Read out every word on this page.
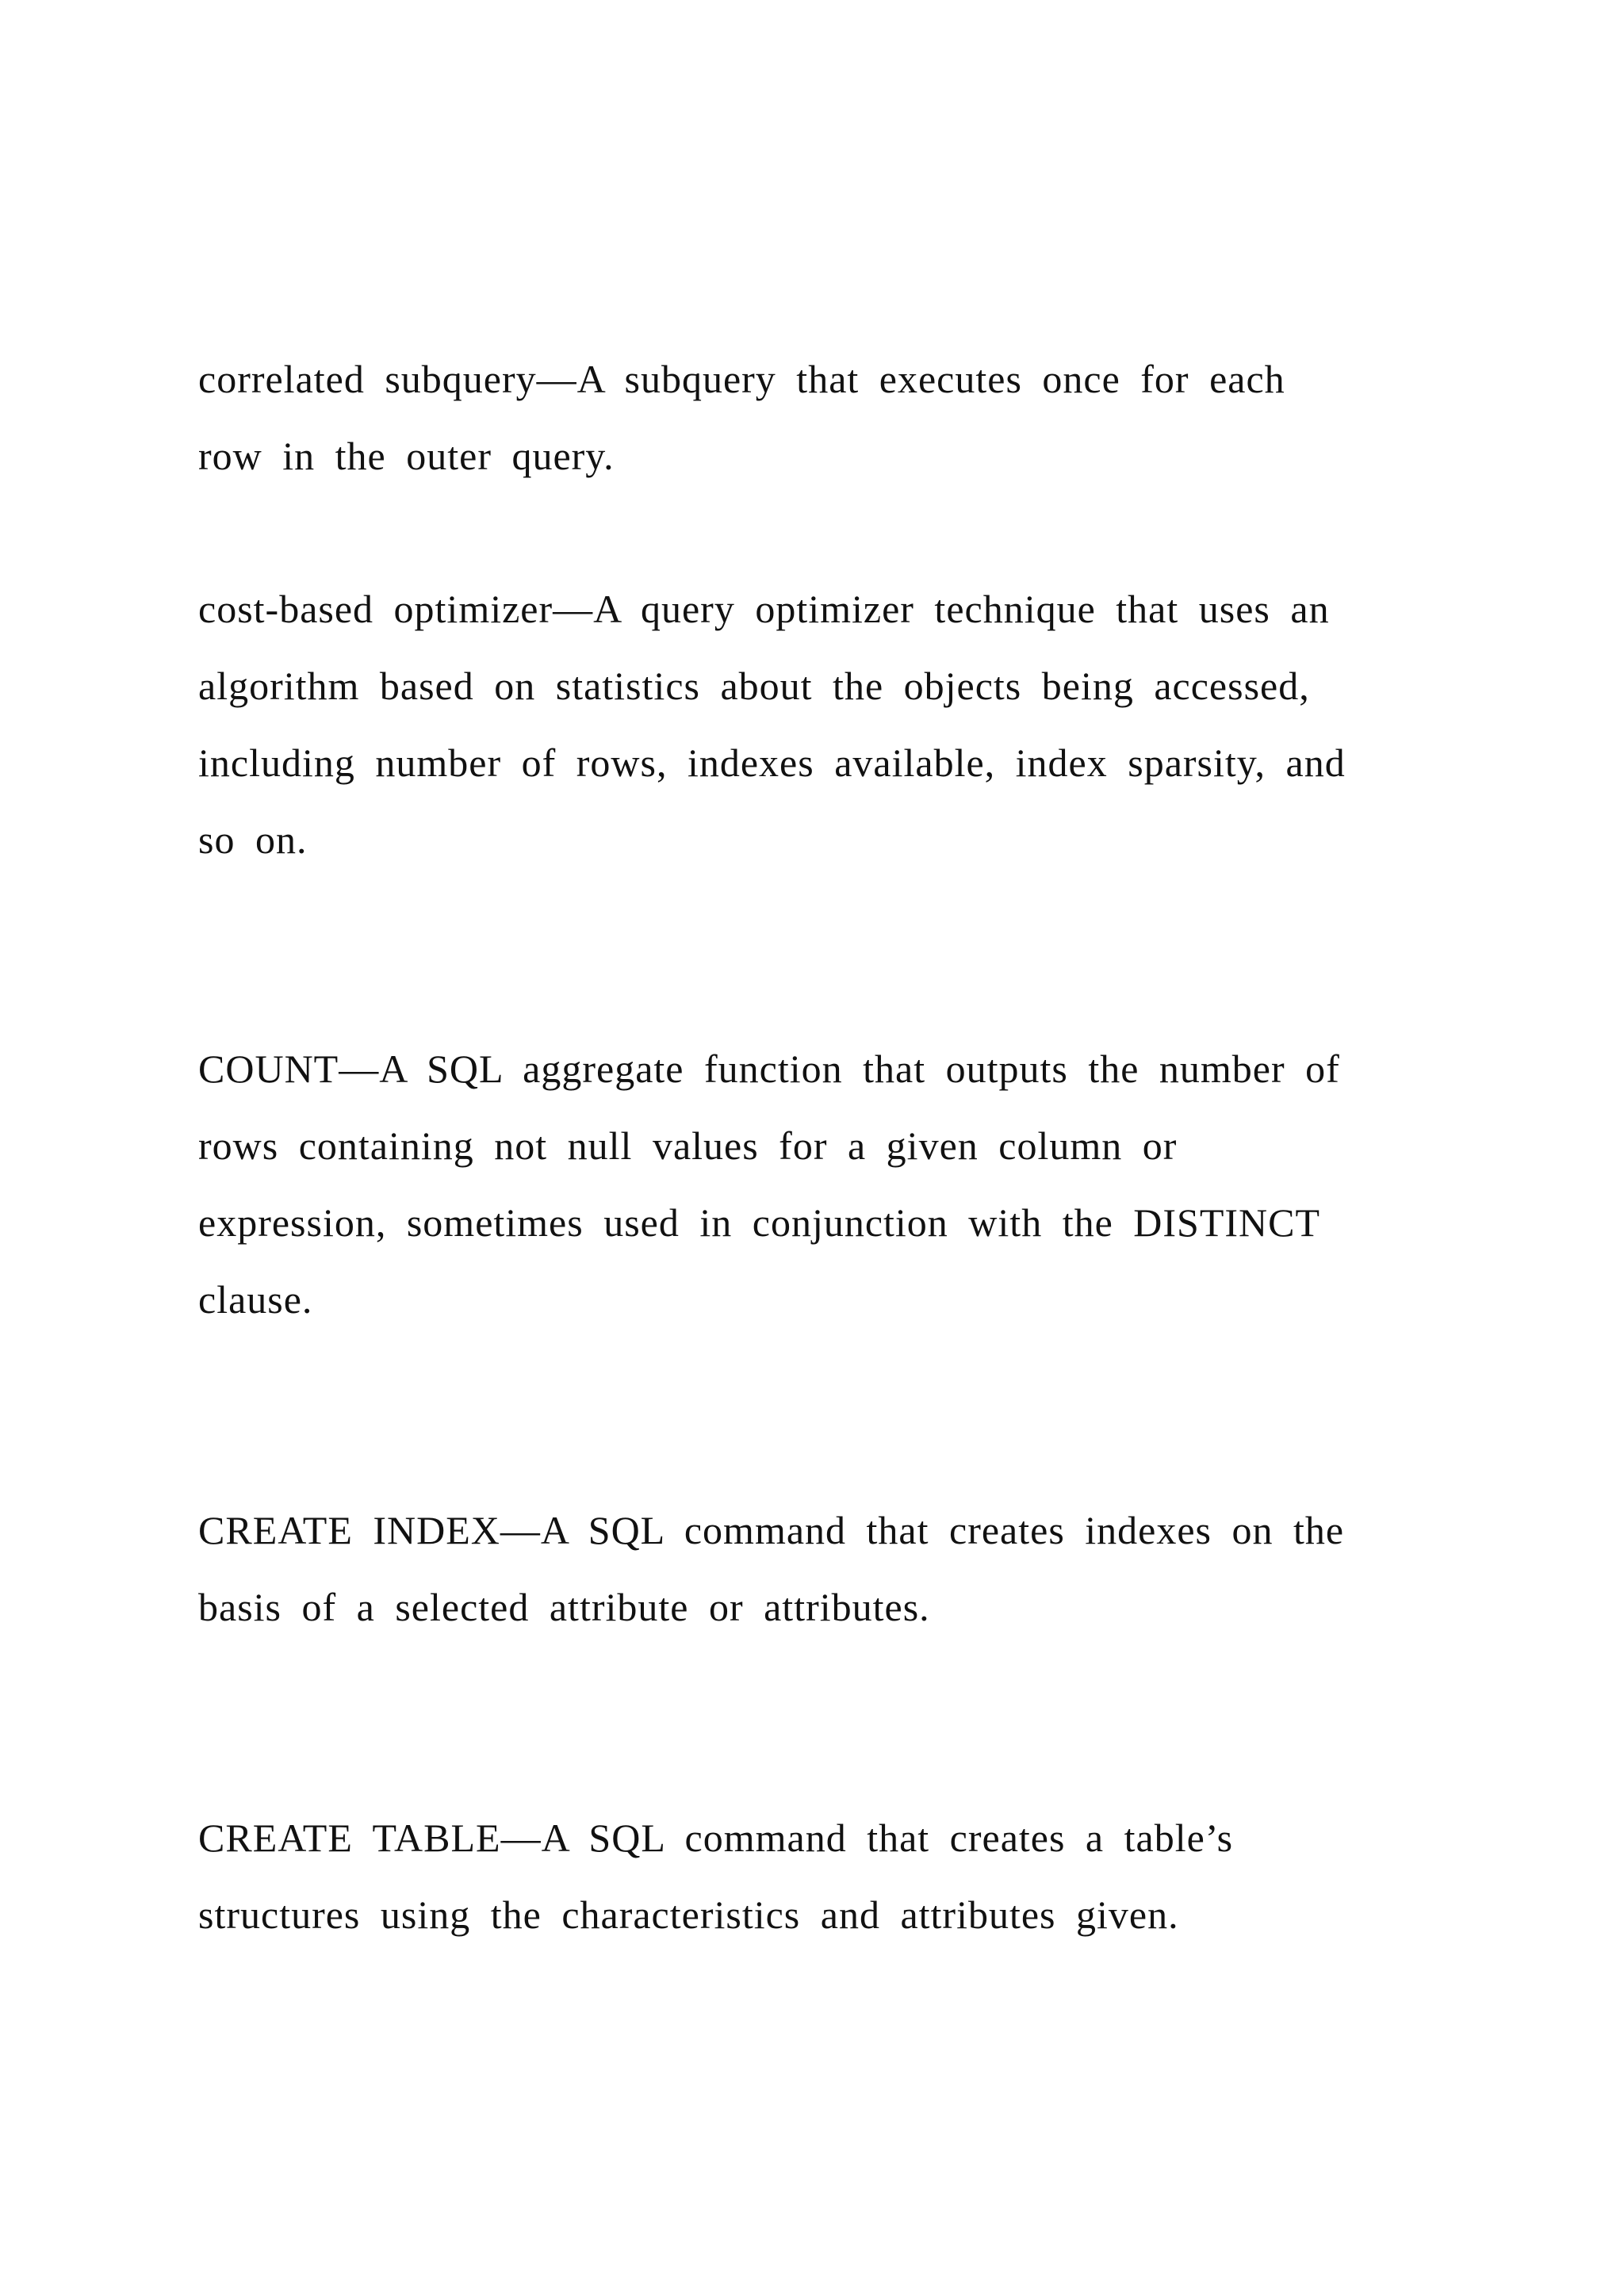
correlated subquery—A subquery that executes once for each
row in the outer query.
cost-based optimizer—A query optimizer technique that uses an
algorithm based on statistics about the objects being accessed,
including number of rows, indexes available, index sparsity, and
so on.
COUNT—A SQL aggregate function that outputs the number of
rows containing not null values for a given column or
expression, sometimes used in conjunction with the DISTINCT
clause.
CREATE INDEX—A SQL command that creates indexes on the
basis of a selected attribute or attributes.
CREATE TABLE—A SQL command that creates a table’s
structures using the characteristics and attributes given.
